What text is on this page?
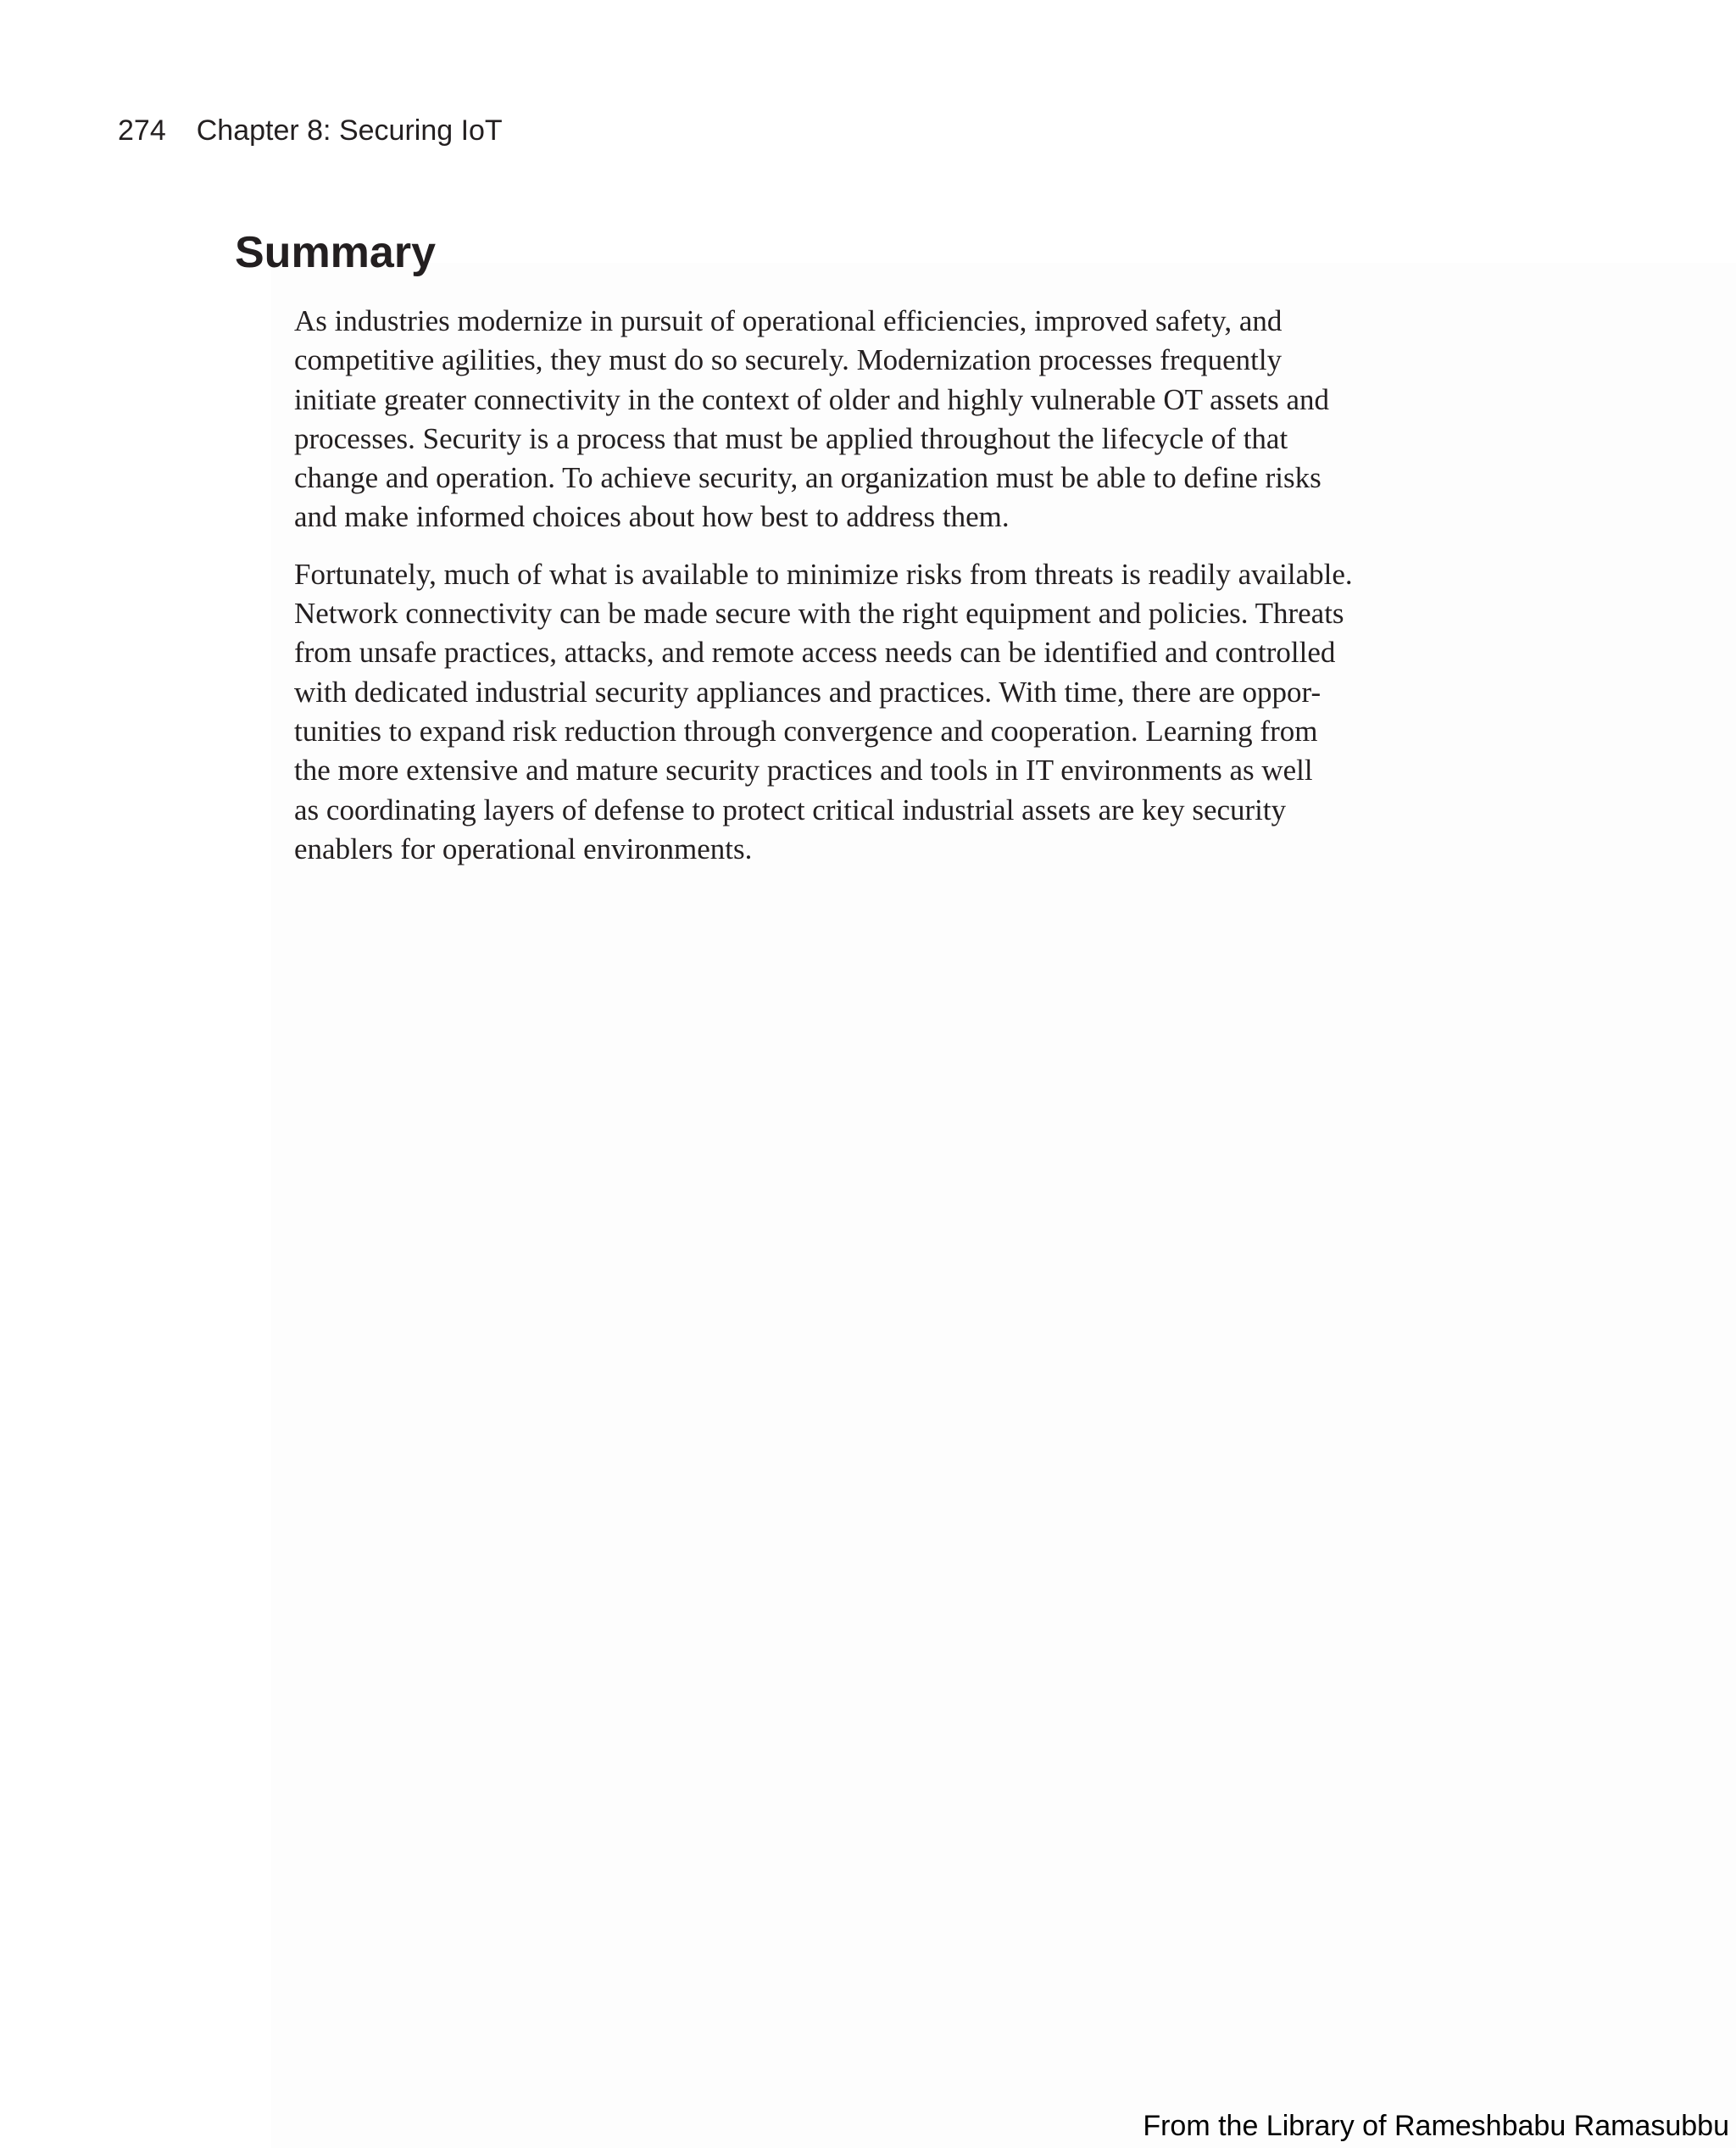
274 Chapter 8: Securing IoT
Summary

As industries modernize in pursuit of operational efficiencies, improved safety, and
competitive agilities, they must do so securely. Modernization processes frequently
initiate greater connectivity in the context of older and highly vulnerable OT assets and
processes. Security is a process that must be applied throughout the lifecycle of that
change and operation. To achieve security, an organization must be able to define risks
and make informed choices about how best to address them.

Fortunately, much of what is available to minimize risks from threats is readily available.
Network connectivity can be made secure with the right equipment and policies. Threats
from unsafe practices, attacks, and remote access needs can be identified and controlled
with dedicated industrial security appliances and practices. With time, there are oppor-
tunities to expand risk reduction through convergence and cooperation. Learning from
the more extensive and mature security practices and tools in IT environments as well
as coordinating layers of defense to protect critical industrial assets are key security
enablers for operational environments.

From the Library of Rameshbabu Ramasubbu
